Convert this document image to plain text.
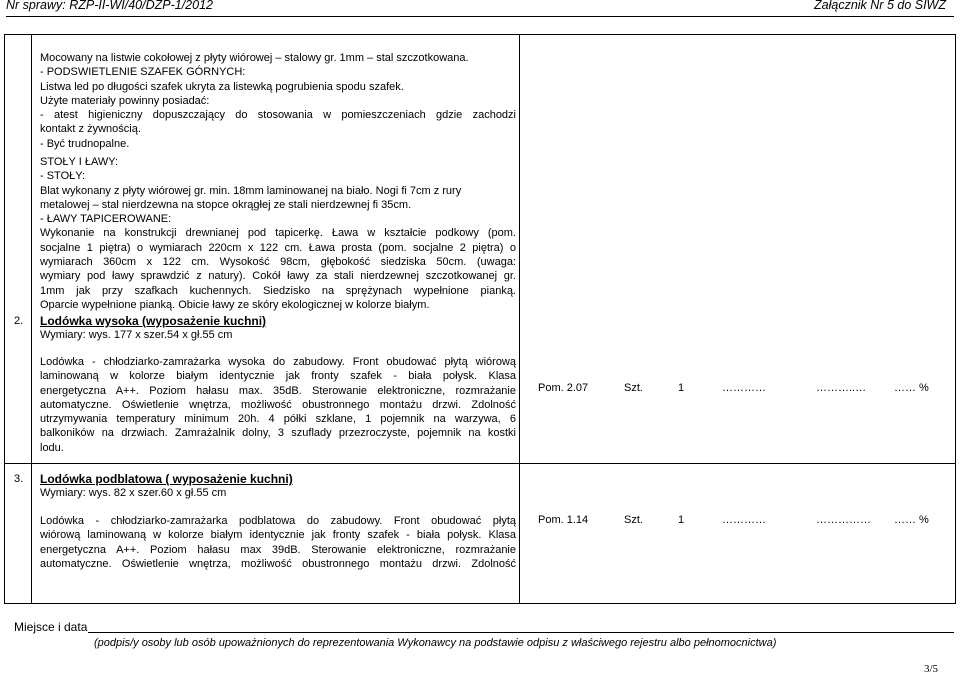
Nr sprawy: RZP-II-WI/40/DZP-1/2012	Załącznik Nr 5 do SIWZ

Mocowany na listwie cokołowej z płyty wiórowej – stalowy gr. 1mm – stal szczotkowana.

- PODSWIETLENIE SZAFEK GÓRNYCH:

Listwa led po długości szafek ukryta za listewką pogrubienia spodu szafek.

Użyte materiały powinny posiadać:

- atest higieniczny dopuszczający do stosowania w pomieszczeniach gdzie zachodzi

kontakt z żywnością.

- Być trudnopalne.

STOŁY I ŁAWY:

- STOŁY:

Blat wykonany z płyty wiórowej gr. min. 18mm laminowanej na biało. Nogi fi 7cm z rury

metalowej – stal nierdzewna na stopce okrągłej ze stali nierdzewnej fi 35cm.

- ŁAWY TAPICEROWANE:

Wykonanie na konstrukcji drewnianej pod tapicerkę. Ława w kształcie podkowy (pom.

socjalne 1 piętra) o wymiarach 220cm x 122 cm. Ława prosta (pom. socjalne 2 piętra) o

wymiarach 360cm x 122 cm. Wysokość 98cm, głębokość siedziska 50cm. (uwaga:

wymiary pod ławy sprawdzić z natury). Cokół ławy za stali nierdzewnej szczotkowanej gr.

1mm jak przy szafkach kuchennych. Siedzisko na sprężynach wypełnione pianką.

Oparcie wypełnione pianką. Obicie ławy ze skóry ekologicznej w kolorze białym.

2. Lodówka wysoka (wyposażenie kuchni)
Wymiary: wys. 177 x szer.54 x gł.55 cm

Lodówka - chłodziarko-zamrażarka wysoka do zabudowy. Front obudować płytą wiórową

laminowaną w kolorze białym identycznie jak fronty szafek - biała połysk. Klasa

energetyczna A++. Poziom hałasu max. 35dB. Sterowanie elektroniczne, rozmrażanie

automatyczne. Oświetlenie wnętrza, możliwość obustronnego montażu drzwi. Zdolność

utrzymywania temperatury minimum 20h. 4 półki szklane, 1 pojemnik na warzywa, 6

balkoników na drzwiach. Zamrażalnik dolny, 3 szuflady przezroczyste, pojemnik na kostki

lodu.

Pom. 2.07	Szt.	1	…………	………..…	…… %
3. Lodówka podblatowa ( wyposażenie kuchni)
Wymiary: wys. 82 x szer.60 x gł.55 cm

Lodówka - chłodziarko-zamrażarka podblatowa do zabudowy. Front obudować płytą

wiórową laminowaną w kolorze białym identycznie jak fronty szafek - biała połysk. Klasa

energetyczna A++. Poziom hałasu max 39dB. Sterowanie elektroniczne, rozmrażanie

automatyczne. Oświetlenie wnętrza, możliwość obustronnego montażu drzwi. Zdolność

Pom. 1.14	Szt.	1	…………	…………… …… %
Miejsce i data
(podpis/y osoby lub osób upoważnionych do reprezentowania Wykonawcy na podstawie odpisu z właściwego rejestru albo pełnomocnictwa)
3/5
